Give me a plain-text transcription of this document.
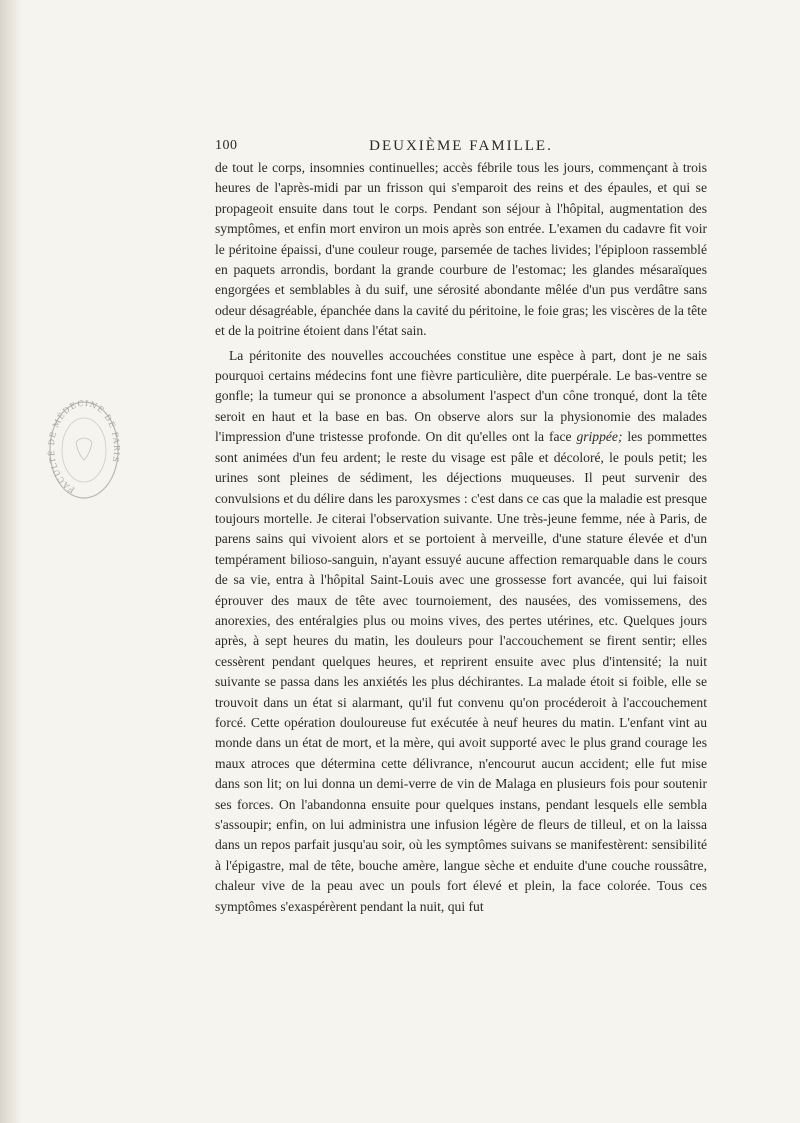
FACULTÉ DE MÉDECINE DE PARIS
100	DEUXIÈME FAMILLE.

de tout le corps, insomnies continuelles; accès fébrile tous les jours, commençant à trois heures de l'après-midi par un frisson qui s'emparoit des reins et des épaules, et qui se propageoit ensuite dans tout le corps. Pendant son séjour à l'hôpital, augmentation des symptômes, et enfin mort environ un mois après son entrée. L'examen du cadavre fit voir le péritoine épaissi, d'une couleur rouge, parsemée de taches livides; l'épiploon rassemblé en paquets arrondis, bordant la grande courbure de l'estomac; les glandes mésaraïques engorgées et semblables à du suif, une sérosité abondante mêlée d'un pus verdâtre sans odeur désagréable, épanchée dans la cavité du péritoine, le foie gras; les viscères de la tête et de la poitrine étoient dans l'état sain.

La péritonite des nouvelles accouchées constitue une espèce à part, dont je ne sais pourquoi certains médecins font une fièvre particulière, dite puerpérale. Le bas-ventre se gonfle; la tumeur qui se prononce a absolument l'aspect d'un cône tronqué, dont la tête seroit en haut et la base en bas. On observe alors sur la physionomie des malades l'impression d'une tristesse profonde. On dit qu'elles ont la face grippée; les pommettes sont animées d'un feu ardent; le reste du visage est pâle et décoloré, le pouls petit; les urines sont pleines de sédiment, les déjections muqueuses. Il peut survenir des convulsions et du délire dans les paroxysmes : c'est dans ce cas que la maladie est presque toujours mortelle. Je citerai l'observation suivante. Une très-jeune femme, née à Paris, de parens sains qui vivoient alors et se portoient à merveille, d'une stature élevée et d'un tempérament bilioso-sanguin, n'ayant essuyé aucune affection remarquable dans le cours de sa vie, entra à l'hôpital Saint-Louis avec une grossesse fort avancée, qui lui faisoit éprouver des maux de tête avec tournoiement, des nausées, des vomissemens, des anorexies, des entéralgies plus ou moins vives, des pertes utérines, etc. Quelques jours après, à sept heures du matin, les douleurs pour l'accouchement se firent sentir; elles cessèrent pendant quelques heures, et reprirent ensuite avec plus d'intensité; la nuit suivante se passa dans les anxiétés les plus déchirantes. La malade étoit si foible, elle se trouvoit dans un état si alarmant, qu'il fut convenu qu'on procéderoit à l'accouchement forcé. Cette opération douloureuse fut exécutée à neuf heures du matin. L'enfant vint au monde dans un état de mort, et la mère, qui avoit supporté avec le plus grand courage les maux atroces que détermina cette délivrance, n'encourut aucun accident; elle fut mise dans son lit; on lui donna un demi-verre de vin de Malaga en plusieurs fois pour soutenir ses forces. On l'abandonna ensuite pour quelques instans, pendant lesquels elle sembla s'assoupir; enfin, on lui administra une infusion légère de fleurs de tilleul, et on la laissa dans un repos parfait jusqu'au soir, où les symptômes suivans se manifestèrent: sensibilité à l'épigastre, mal de tête, bouche amère, langue sèche et enduite d'une couche roussâtre, chaleur vive de la peau avec un pouls fort élevé et plein, la face colorée. Tous ces symptômes s'exaspérèrent pendant la nuit, qui fut
